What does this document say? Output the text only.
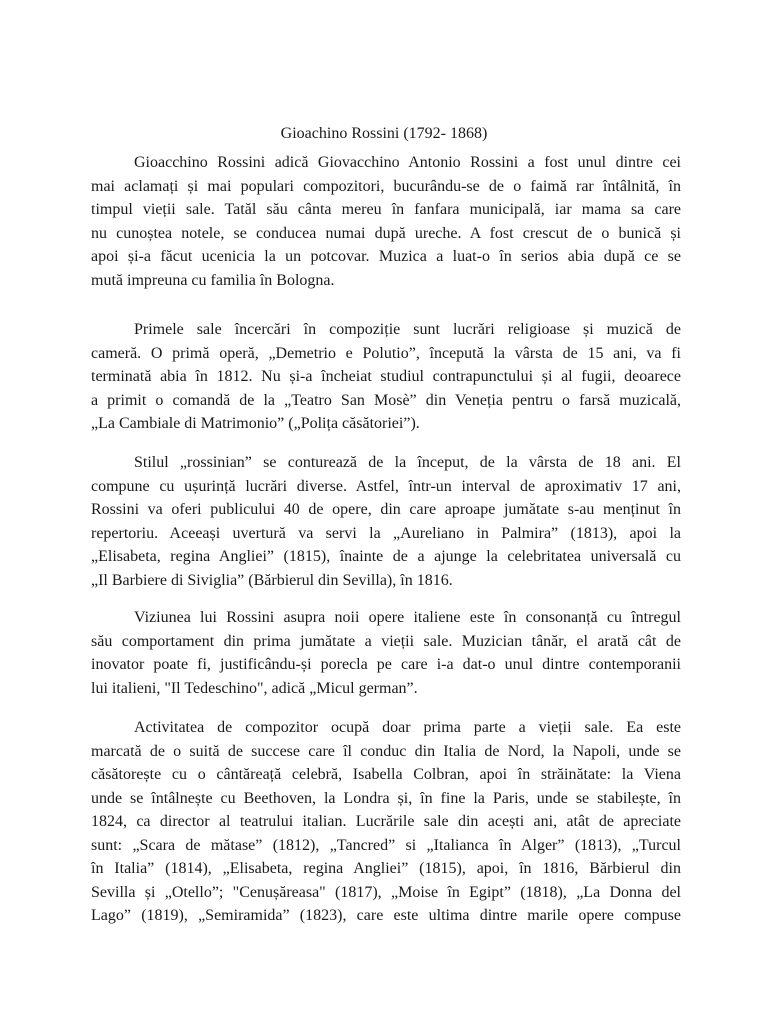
Gioachino Rossini (1792- 1868)
Gioacchino Rossini adică Giovacchino Antonio Rossini a fost unul dintre cei
mai aclamați și mai populari compozitori, bucurându-se de o faimă rar întâlnită, în
timpul vieții sale. Tatăl său cânta mereu în fanfara municipală, iar mama sa care
nu cunoștea notele, se conducea numai după ureche. A fost crescut de o bunică și
apoi și-a făcut ucenicia la un potcovar. Muzica a luat-o în serios abia după ce se
mută impreuna cu familia în Bologna.
Primele sale încercări în compoziție sunt lucrări religioase și muzică de
cameră. O primă operă, „Demetrio e Polutio”, începută la vârsta de 15 ani, va fi
terminată abia în 1812. Nu și-a încheiat studiul contrapunctului și al fugii, deoarece
a primit o comandă de la „Teatro San Mosè” din Veneția pentru o farsă muzicală,
„La Cambiale di Matrimonio” („Polița căsătoriei”).
Stilul „rossinian” se conturează de la început, de la vârsta de 18 ani. El
compune cu ușurință lucrări diverse. Astfel, într-un interval de aproximativ 17 ani,
Rossini va oferi publicului 40 de opere, din care aproape jumătate s-au menținut în
repertoriu. Aceeași uvertură va servi la „Aureliano in Palmira” (1813), apoi la
„Elisabeta, regina Angliei” (1815), înainte de a ajunge la celebritatea universală cu
„Il Barbiere di Siviglia” (Bărbierul din Sevilla), în 1816.
Viziunea lui Rossini asupra noii opere italiene este în consonanță cu întregul
său comportament din prima jumătate a vieții sale. Muzician tânăr, el arată cât de
inovator poate fi, justificându-și porecla pe care i-a dat-o unul dintre contemporanii
lui italieni, "Il Tedeschino", adică „Micul german”.
Activitatea de compozitor ocupă doar prima parte a vieții sale. Ea este
marcată de o suită de succese care îl conduc din Italia de Nord, la Napoli, unde se
căsătorește cu o cântăreață celebră, Isabella Colbran, apoi în străinătate: la Viena
unde se întâlnește cu Beethoven, la Londra și, în fine la Paris, unde se stabilește, în
1824, ca director al teatrului italian. Lucrările sale din acești ani, atât de apreciate
sunt: „Scara de mătase” (1812), „Tancred” si „Italianca în Alger” (1813), „Turcul
în Italia” (1814), „Elisabeta, regina Angliei” (1815), apoi, în 1816, Bărbierul din
Sevilla și „Otello”; "Cenușăreasa" (1817), „Moise în Egipt” (1818), „La Donna del
Lago” (1819), „Semiramida” (1823), care este ultima dintre marile opere compuse
